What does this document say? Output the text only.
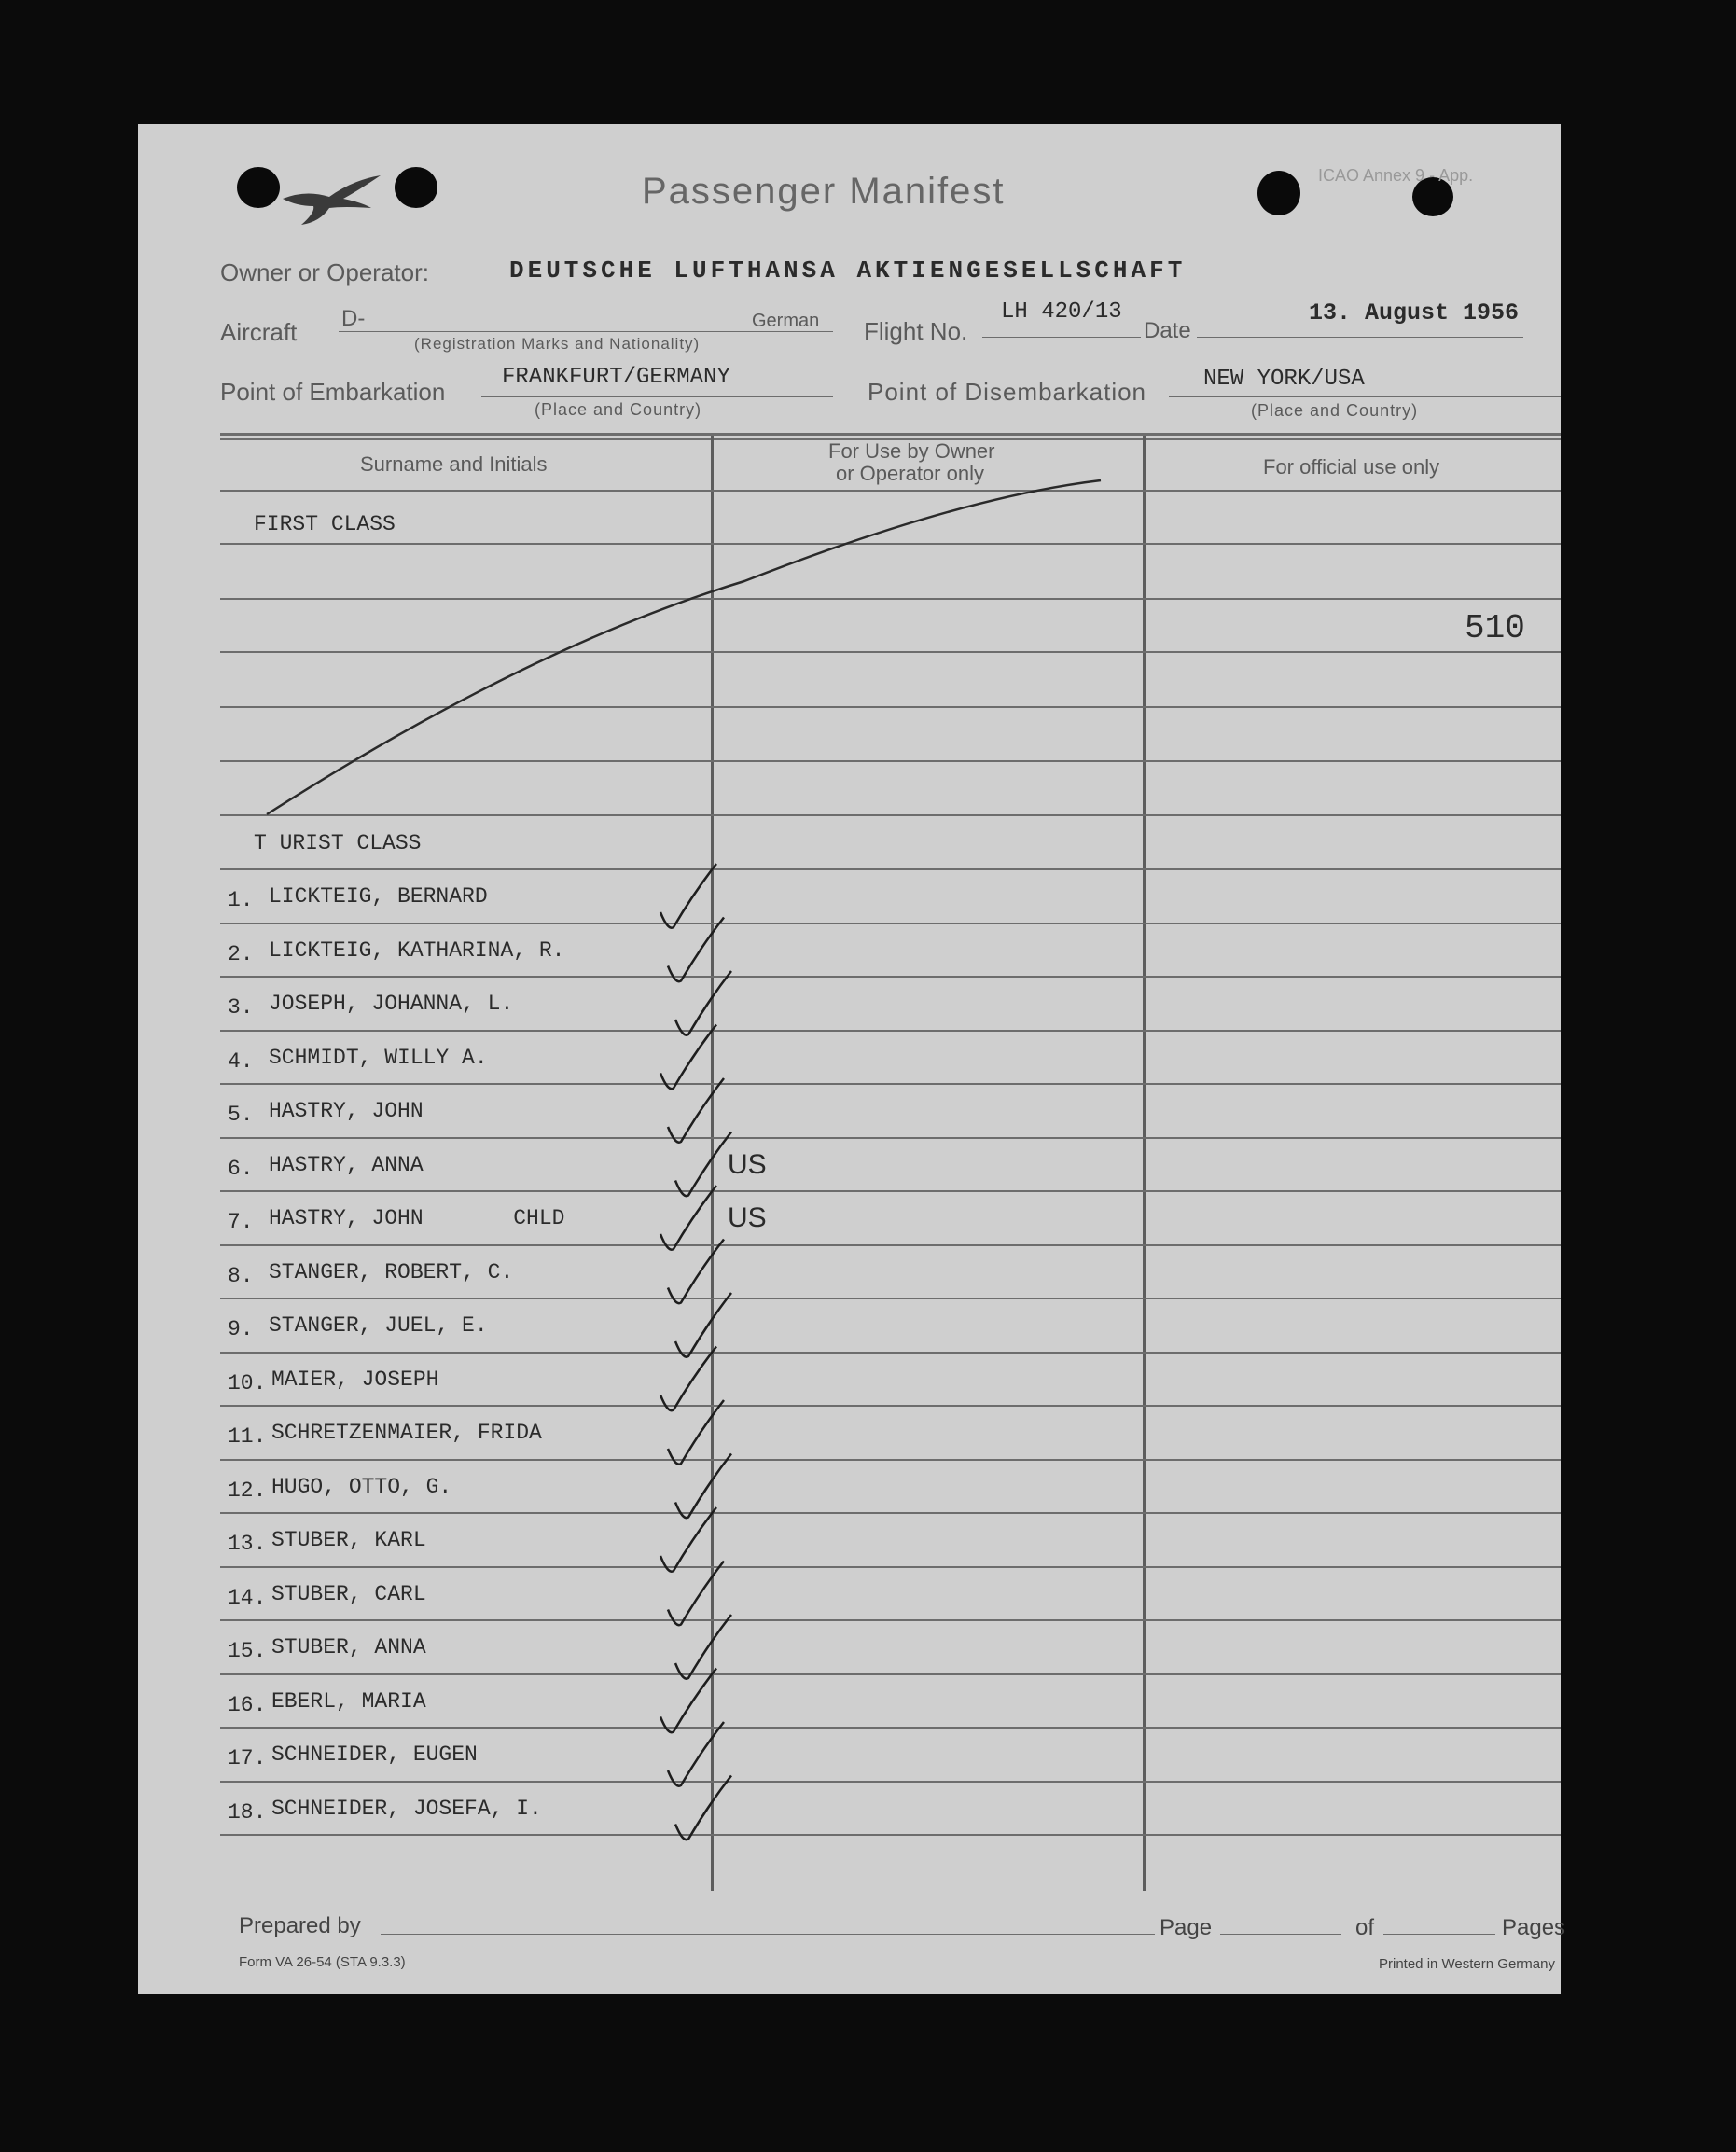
Passenger Manifest	ICAO Annex 9 - App.
Owner or Operator:	DEUTSCHE LUFTHANSA AKTIENGESELLSCHAFT
Aircraft D-	German
(Registration Marks and Nationality)	Flight No.
LH 420/13
Date
13. August 1956
Point of Embarkation
FRANKFURT/GERMANY
(Place and Country)
Point of Disembarkation	NEW YORK/USA
(Place and Country)
Surname and Initials
For Use by Owner
or Operator only	For official use only
FIRST CLASS
510
T URIST CLASS
1. LICKTEIG, BERNARD
2. LICKTEIG, KATHARINA, R.
3. JOSEPH, JOHANNA, L.
4. SCHMIDT, WILLY A.
5. HASTRY, JOHN
6. HASTRY, ANNA	US
7. HASTRY, JOHN       CHLD	US
8. STANGER, ROBERT, C.
9. STANGER, JUEL, E.
10. MAIER, JOSEPH
11. SCHRETZENMAIER, FRIDA
12. HUGO, OTTO, G.
13. STUBER, KARL
14. STUBER, CARL
15. STUBER, ANNA
16. EBERL, MARIA
17. SCHNEIDER, EUGEN
18. SCHNEIDER, JOSEFA, I.
Prepared by	Page	of	Pages
Form VA 26-54 (STA 9.3.3)	Printed in Western Germany
